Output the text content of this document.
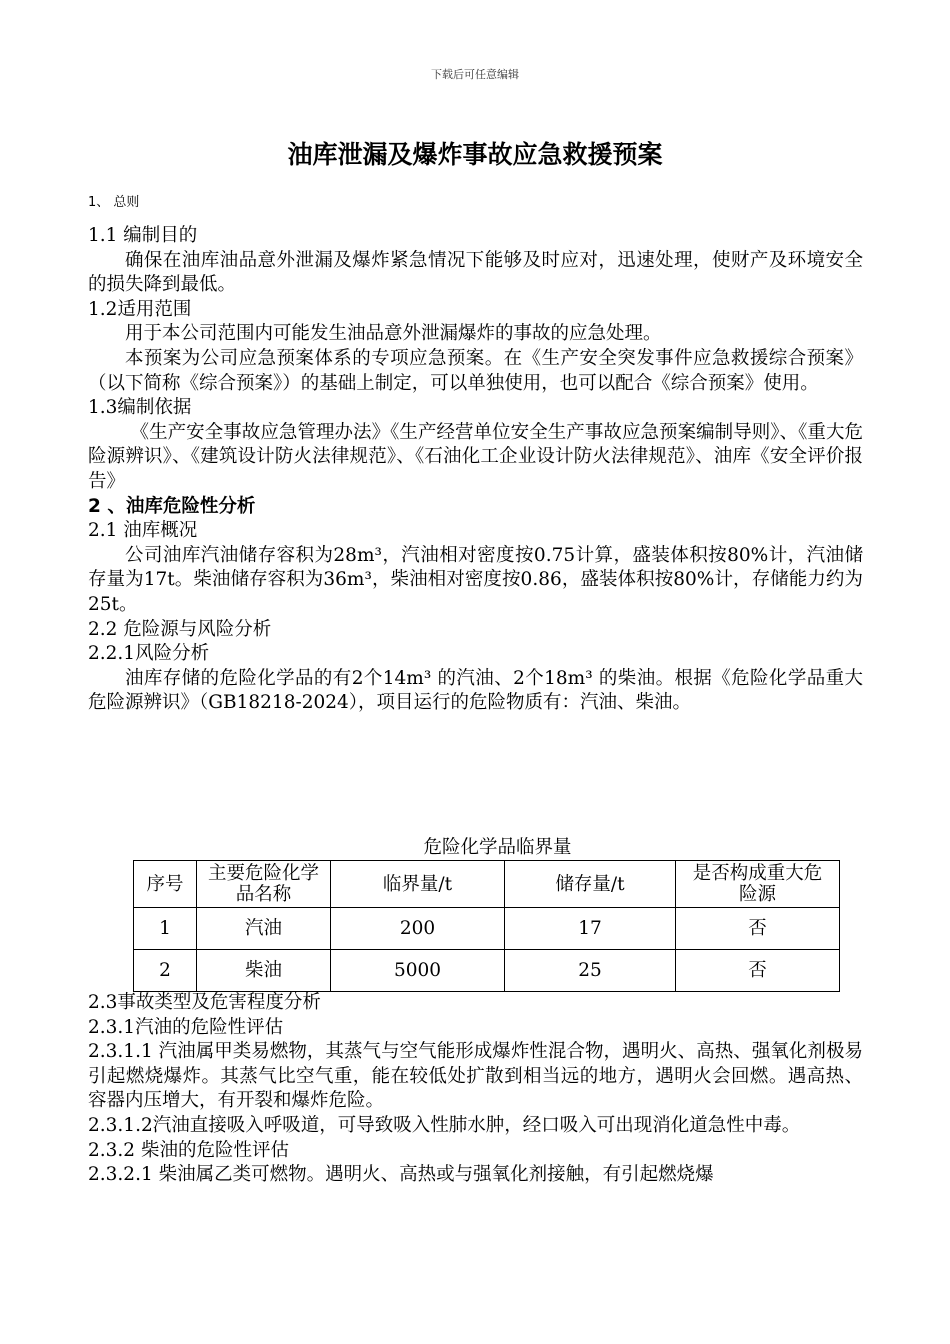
下载后可任意编辑
油库泄漏及爆炸事故应急救援预案
1、 总则

1.1 编制目的

确保在油库油品意外泄漏及爆炸紧急情况下能够及时应对，迅速处理，使财产及环境安全的损失降到最低。

1.2适用范围

用于本公司范围内可能发生油品意外泄漏爆炸的事故的应急处理。

本预案为公司应急预案体系的专项应急预案。在《生产安全突发事件应急救援综合预案》（以下简称《综合预案》）的基础上制定，可以单独使用，也可以配合《综合预案》使用。

1.3编制依据

《生产安全事故应急管理办法》《生产经营单位安全生产事故应急预案编制导则》、《重大危险源辨识》、《建筑设计防火法律规范》、《石油化工企业设计防火法律规范》、油库《安全评价报告》

2 、油库危险性分析

2.1 油库概况

公司油库汽油储存容积为28m³，汽油相对密度按0.75计算，盛装体积按80%计，汽油储存量为17t。柴油储存容积为36m³，柴油相对密度按0.86，盛装体积按80%计，存储能力约为25t。

2.2 危险源与风险分析

2.2.1风险分析

油库存储的危险化学品的有2个14m³ 的汽油、2个18m³ 的柴油。根据《危险化学品重大危险源辨识》（GB18218-2024），项目运行的危险物质有：汽油、柴油。

危险化学品临界量
序号	主要危险化学品名称	临界量/t	储存量/t	是否构成重大危险源
1	汽油	200	17	否
2	柴油	5000	25	否

2.3事故类型及危害程度分析

2.3.1汽油的危险性评估

2.3.1.1 汽油属甲类易燃物，其蒸气与空气能形成爆炸性混合物，遇明火、高热、强氧化剂极易引起燃烧爆炸。其蒸气比空气重，能在较低处扩散到相当远的地方，遇明火会回燃。遇高热、容器内压增大，有开裂和爆炸危险。

2.3.1.2汽油直接吸入呼吸道，可导致吸入性肺水肿，经口吸入可出现消化道急性中毒。

2.3.2 柴油的危险性评估

2.3.2.1 柴油属乙类可燃物。遇明火、高热或与强氧化剂接触，有引起燃烧爆
